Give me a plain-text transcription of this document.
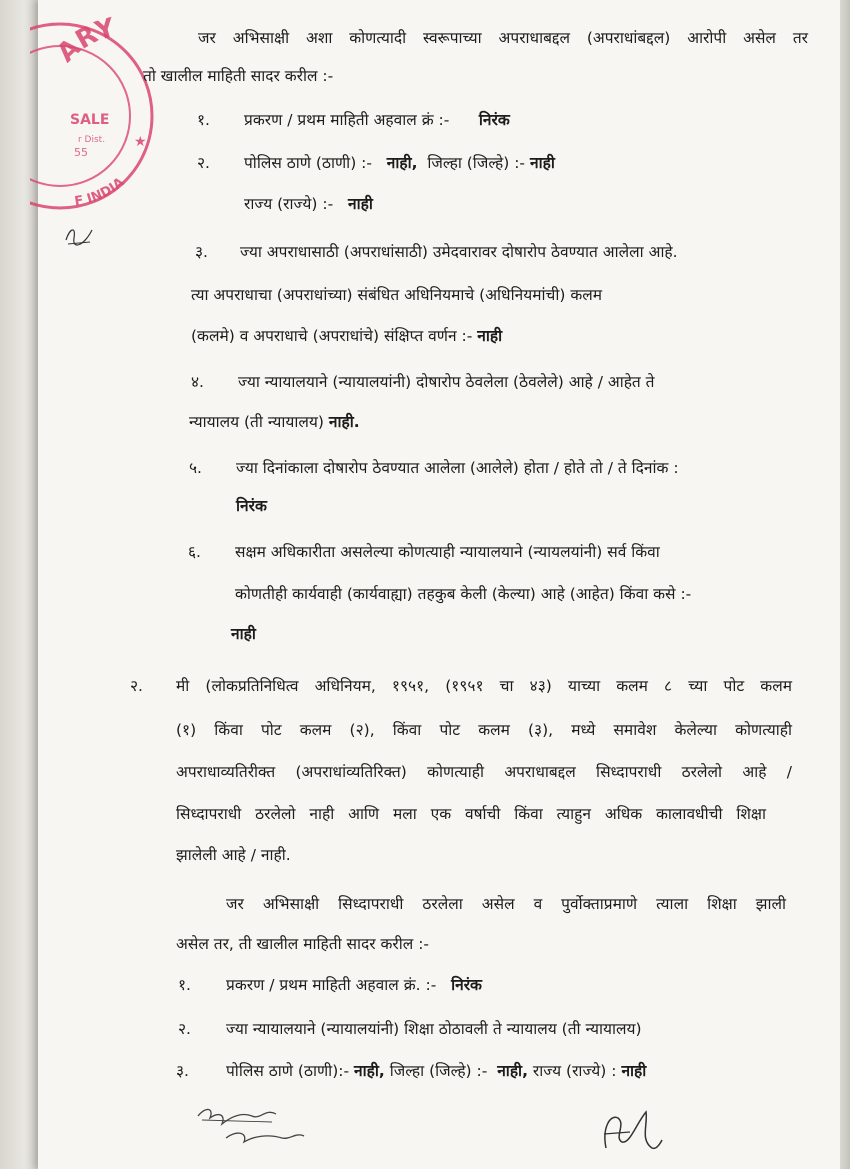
ARY
SALE
r Dist.
55
★
F INDIA
जर अभिसाक्षी अशा कोणत्यादी स्वरूपाच्या अपराधाबद्दल (अपराधांबद्दल) आरोपी असेल तर
तो खालील माहिती सादर करील :-
१. प्रकरण / प्रथम माहिती अहवाल क्रं :- निरंक
२. पोलिस ठाणे (ठाणी) :- नाही, जिल्हा (जिल्हे) :- नाही
राज्य (राज्ये) :- नाही
३. ज्या अपराधासाठी (अपराधांसाठी) उमेदवारावर दोषारोप ठेवण्यात आलेला आहे.
त्या अपराधाचा (अपराधांच्या) संबंधित अधिनियमाचे (अधिनियमांची) कलम
(कलमे) व अपराधाचे (अपराधांचे) संक्षिप्त वर्णन :- नाही
४. ज्या न्यायालयाने (न्यायालयांनी) दोषारोप ठेवलेला (ठेवलेले) आहे / आहेत ते
न्यायालय (ती न्यायालय) नाही.
५. ज्या दिनांकाला दोषारोप ठेवण्यात आलेला (आलेले) होता / होते तो / ते दिनांक :
निरंक
६. सक्षम अधिकारीता असलेल्या कोणत्याही न्यायालयाने (न्यायलयांनी) सर्व किंवा
कोणतीही कार्यवाही (कार्यवाह्या) तहकुब केली (केल्या) आहे (आहेत) किंवा कसे :-
नाही
२. मी (लोकप्रतिनिधित्व अधिनियम, १९५१, (१९५१ चा ४३) याच्या कलम ८ च्या पोट कलम
(१) किंवा पोट कलम (२), किंवा पोट कलम (३), मध्ये समावेश केलेल्या कोणत्याही
अपराधाव्यतिरीक्त (अपराधांव्यतिरिक्त) कोणत्याही अपराधाबद्दल सिध्दापराधी ठरलेलो आहे /
सिध्दापराधी ठरलेलो नाही आणि मला एक वर्षाची किंवा त्याहुन अधिक कालावधीची शिक्षा
झालेली आहे / नाही.
जर अभिसाक्षी सिध्दापराधी ठरलेला असेल व पुर्वोक्ताप्रमाणे त्याला शिक्षा झाली
असेल तर, ती खालील माहिती सादर करील :-
१. प्रकरण / प्रथम माहिती अहवाल क्रं. :- निरंक
२. ज्या न्यायालयाने (न्यायालयांनी) शिक्षा ठोठावली ते न्यायालय (ती न्यायालय)
३. पोलिस ठाणे (ठाणी):- नाही, जिल्हा (जिल्हे) :- नाही, राज्य (राज्ये) : नाही
